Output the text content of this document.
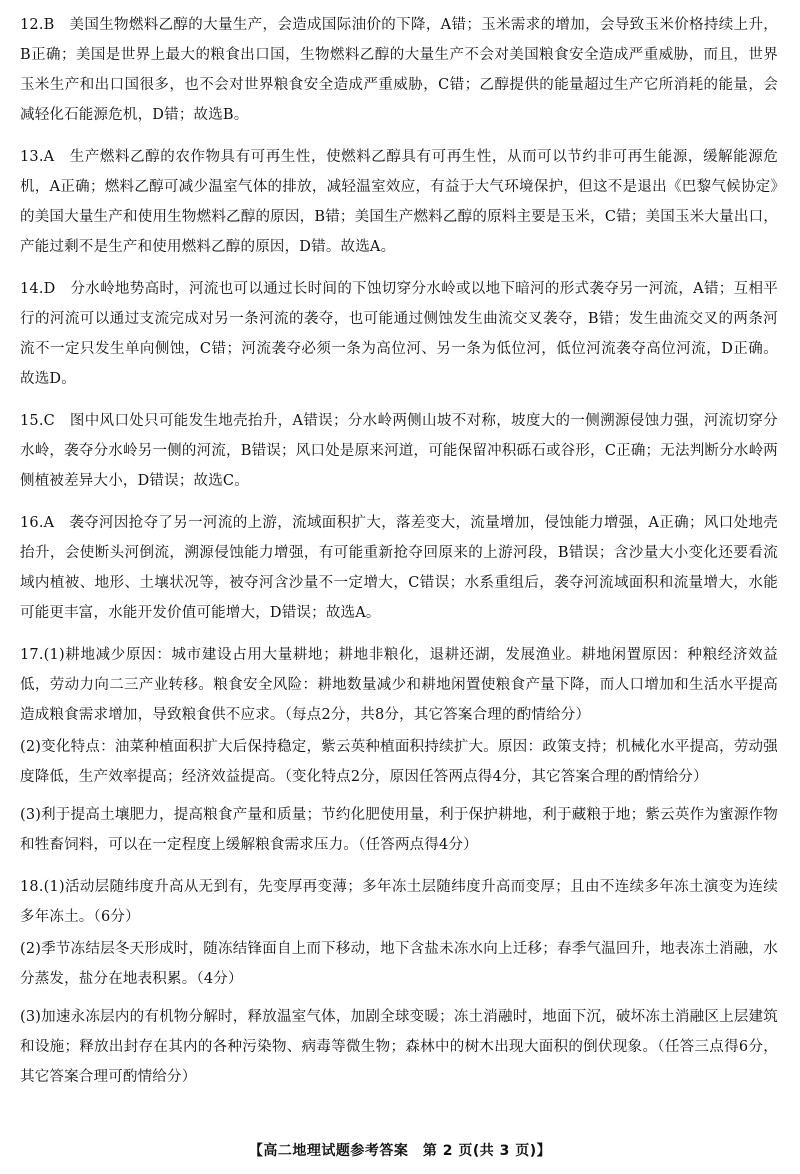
12.B　美国生物燃料乙醇的大量生产，会造成国际油价的下降，A错；玉米需求的增加，会导致玉米价格持续上升，B正确；美国是世界上最大的粮食出口国，生物燃料乙醇的大量生产不会对美国粮食安全造成严重威胁，而且，世界玉米生产和出口国很多，也不会对世界粮食安全造成严重威胁，C错；乙醇提供的能量超过生产它所消耗的能量，会减轻化石能源危机，D错；故选B。

13.A　生产燃料乙醇的农作物具有可再生性，使燃料乙醇具有可再生性，从而可以节约非可再生能源，缓解能源危机，A正确；燃料乙醇可减少温室气体的排放，减轻温室效应，有益于大气环境保护，但这不是退出《巴黎气候协定》的美国大量生产和使用生物燃料乙醇的原因，B错；美国生产燃料乙醇的原料主要是玉米，C错；美国玉米大量出口，产能过剩不是生产和使用燃料乙醇的原因，D错。故选A。

14.D　分水岭地势高时，河流也可以通过长时间的下蚀切穿分水岭或以地下暗河的形式袭夺另一河流，A错；互相平行的河流可以通过支流完成对另一条河流的袭夺，也可能通过侧蚀发生曲流交叉袭夺，B错；发生曲流交叉的两条河流不一定只发生单向侧蚀，C错；河流袭夺必须一条为高位河、另一条为低位河，低位河流袭夺高位河流，D正确。故选D。

15.C　图中风口处只可能发生地壳抬升，A错误；分水岭两侧山坡不对称，坡度大的一侧溯源侵蚀力强，河流切穿分水岭，袭夺分水岭另一侧的河流，B错误；风口处是原来河道，可能保留冲积砾石或谷形，C正确；无法判断分水岭两侧植被差异大小，D错误；故选C。

16.A　袭夺河因抢夺了另一河流的上游，流域面积扩大，落差变大，流量增加，侵蚀能力增强，A正确；风口处地壳抬升，会使断头河倒流，溯源侵蚀能力增强，有可能重新抢夺回原来的上游河段，B错误；含沙量大小变化还要看流域内植被、地形、土壤状况等，被夺河含沙量不一定增大，C错误；水系重组后，袭夺河流域面积和流量增大，水能可能更丰富，水能开发价值可能增大，D错误；故选A。

17.(1)耕地减少原因：城市建设占用大量耕地；耕地非粮化，退耕还湖，发展渔业。耕地闲置原因：种粮经济效益低，劳动力向二三产业转移。粮食安全风险：耕地数量减少和耕地闲置使粮食产量下降，而人口增加和生活水平提高造成粮食需求增加，导致粮食供不应求。（每点2分，共8分，其它答案合理的酌情给分）

(2)变化特点：油菜种植面积扩大后保持稳定，紫云英种植面积持续扩大。原因：政策支持；机械化水平提高，劳动强度降低，生产效率提高；经济效益提高。（变化特点2分，原因任答两点得4分，其它答案合理的酌情给分）

(3)利于提高土壤肥力，提高粮食产量和质量；节约化肥使用量，利于保护耕地，利于藏粮于地；紫云英作为蜜源作物和牲畜饲料，可以在一定程度上缓解粮食需求压力。（任答两点得4分）

18.(1)活动层随纬度升高从无到有，先变厚再变薄；多年冻土层随纬度升高而变厚；且由不连续多年冻土演变为连续多年冻土。（6分）

(2)季节冻结层冬天形成时，随冻结锋面自上而下移动，地下含盐未冻水向上迁移；春季气温回升，地表冻土消融，水分蒸发，盐分在地表积累。（4分）

(3)加速永冻层内的有机物分解时，释放温室气体，加剧全球变暖；冻土消融时，地面下沉，破坏冻土消融区上层建筑和设施；释放出封存在其内的各种污染物、病毒等微生物；森林中的树木出现大面积的倒伏现象。（任答三点得6分，其它答案合理可酌情给分）

【高二地理试题参考答案　第 2 页(共 3 页)】
